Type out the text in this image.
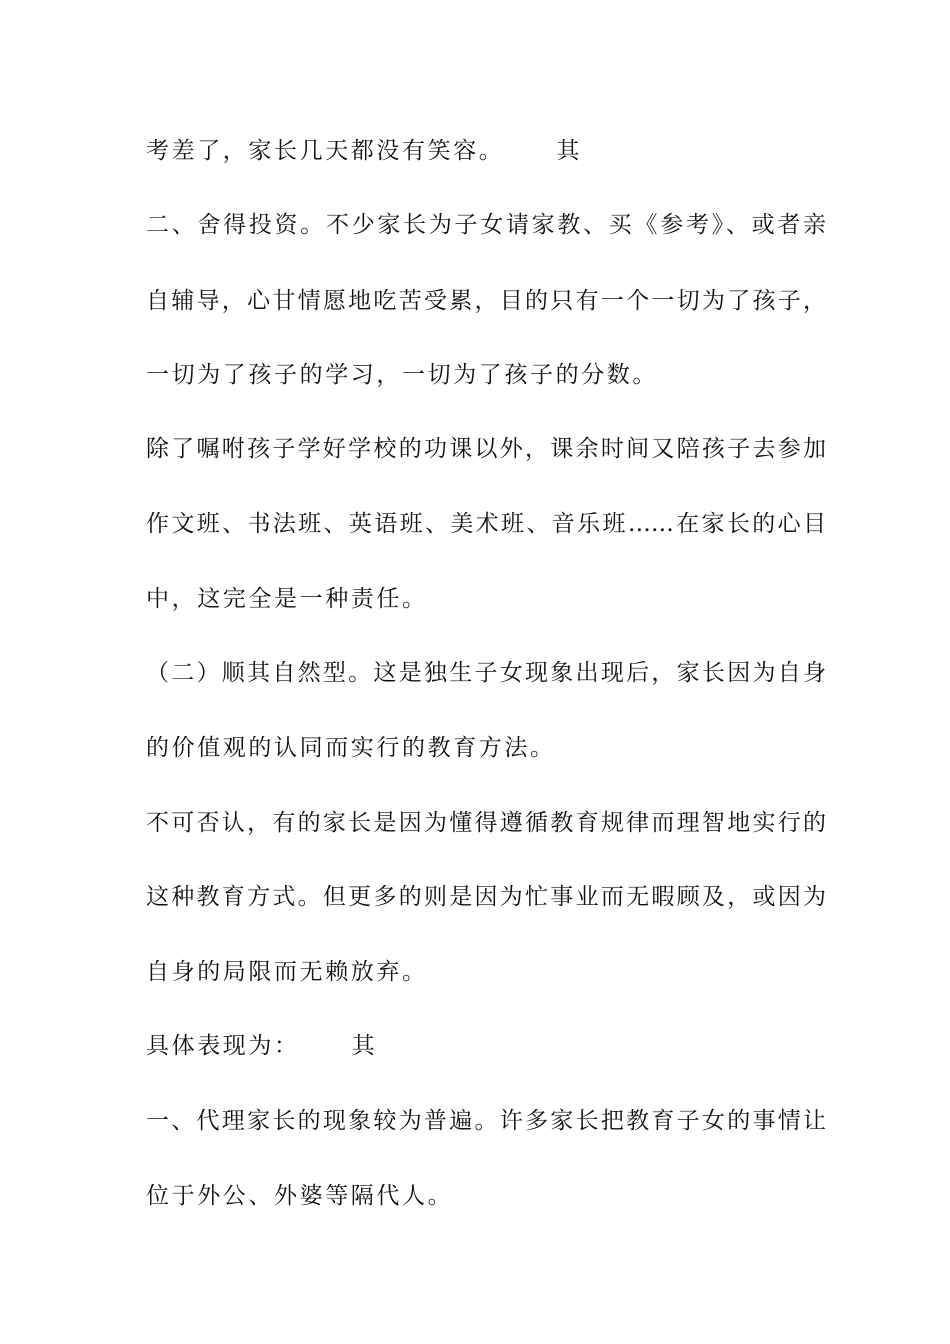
考差了，家长几天都没有笑容。 其

二、舍得投资。不少家长为子女请家教、买《参考》、或者亲

自辅导，心甘情愿地吃苦受累，目的只有一个一切为了孩子，

一切为了孩子的学习，一切为了孩子的分数。

除了嘱咐孩子学好学校的功课以外，课余时间又陪孩子去参加

作文班、书法班、英语班、美术班、音乐班……在家长的心目

中，这完全是一种责任。

（二）顺其自然型。这是独生子女现象出现后，家长因为自身

的价值观的认同而实行的教育方法。

不可否认，有的家长是因为懂得遵循教育规律而理智地实行的

这种教育方式。但更多的则是因为忙事业而无暇顾及，或因为

自身的局限而无赖放弃。

具体表现为： 其

一、代理家长的现象较为普遍。许多家长把教育子女的事情让

位于外公、外婆等隔代人。
